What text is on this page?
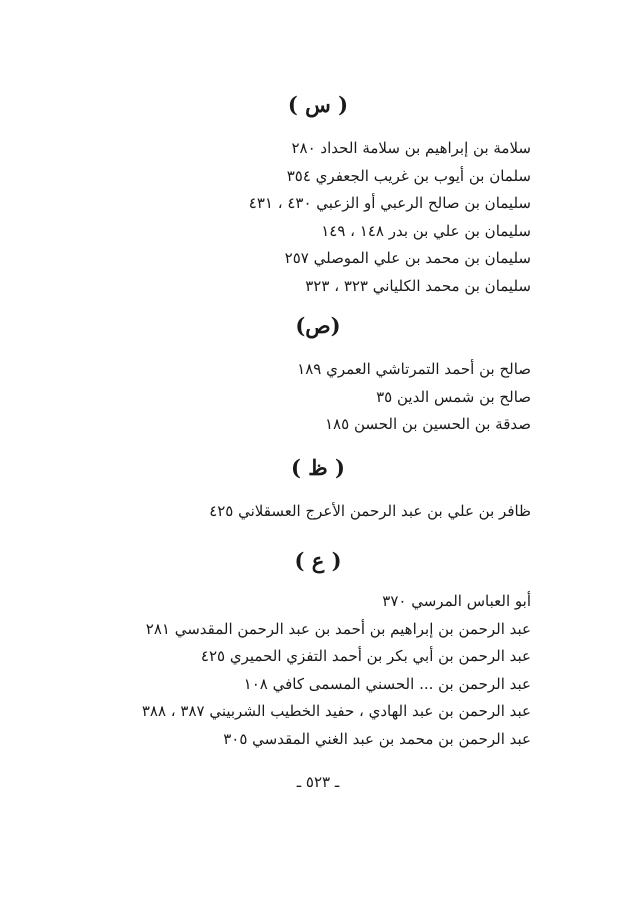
( س )
سلامة بن إبراهيم بن سلامة الحداد ٢٨٠
سلمان بن أيوب بن غريب الجعفري ٣٥٤
سليمان بن صالح الرعبي أو الزعبي ٤٣٠ ، ٤٣١
سليمان بن علي بن بدر ١٤٨ ، ١٤٩
سليمان بن محمد بن علي الموصلي ٢٥٧
سليمان بن محمد الكلياني ٣٢٣ ، ٣٢٣
(ص)
صالح بن أحمد التمرتاشي العمري ١٨٩
صالح بن شمس الدين ٣٥
صدقة بن الحسين بن الحسن ١٨٥
( ظ )
ظافر بن علي بن عبد الرحمن الأعرج العسقلاني ٤٢٥
( ع )
أبو العباس المرسي ٣٧٠
عبد الرحمن بن إبراهيم بن أحمد بن عبد الرحمن المقدسي ٢٨١
عبد الرحمن بن أبي بكر بن أحمد التفزي الحميري ٤٢٥
عبد الرحمن بن ... الحسني المسمى كافي ١٠٨
عبد الرحمن بن عبد الهادي ، حفيد الخطيب الشربيني ٣٨٧ ، ٣٨٨
عبد الرحمن بن محمد بن عبد الغني المقدسي ٣٠٥
ـ ٥٢٣ ـ
